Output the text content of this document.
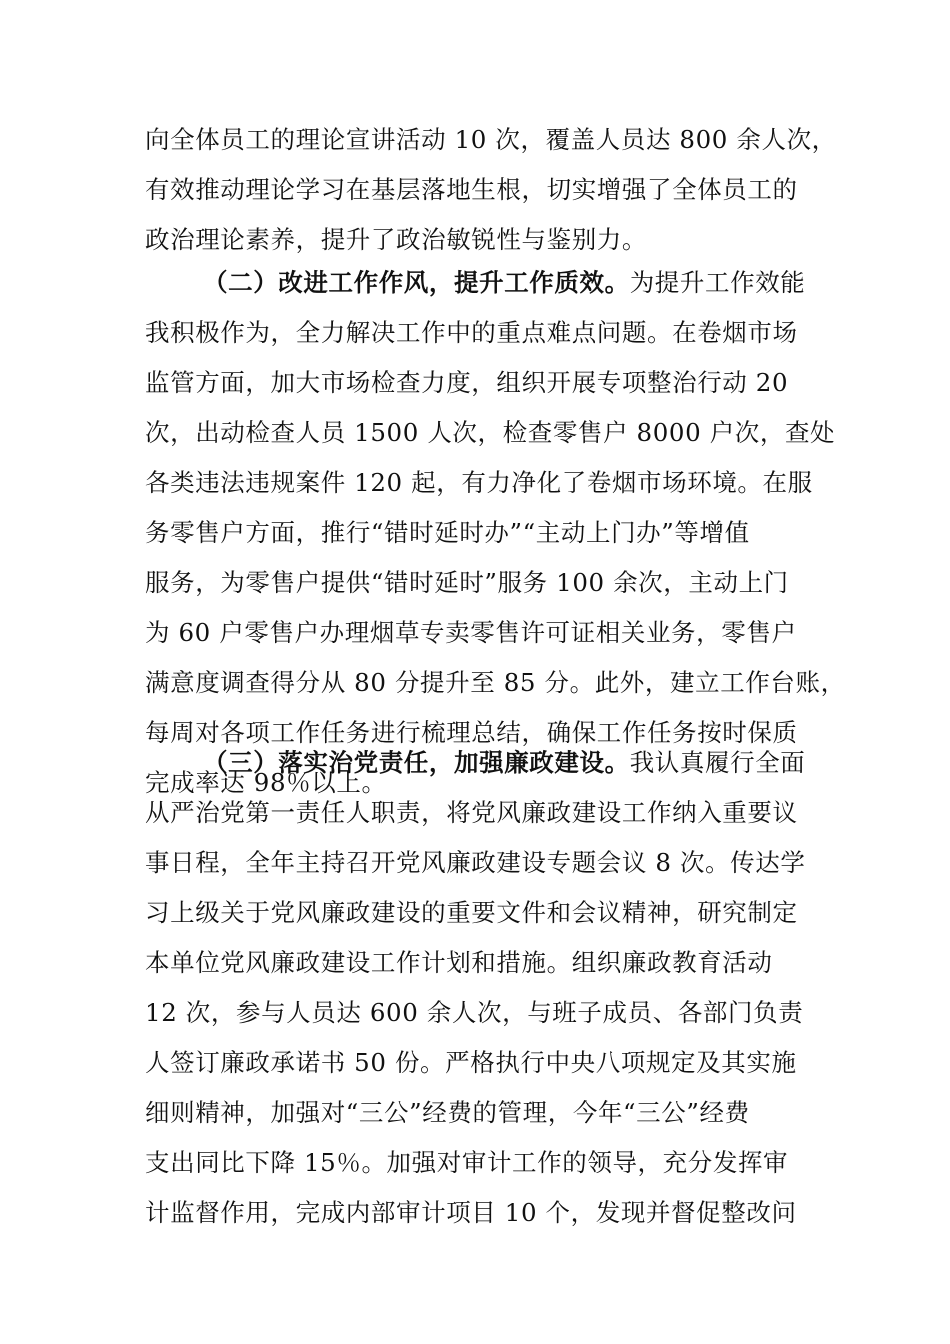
向全体员工的理论宣讲活动 10 次，覆盖人员达 800 余人次，
有效推动理论学习在基层落地生根，切实增强了全体员工的
政治理论素养，提升了政治敏锐性与鉴别力。
（二）改进工作作风，提升工作质效。为提升工作效能
我积极作为，全力解决工作中的重点难点问题。在卷烟市场
监管方面，加大市场检查力度，组织开展专项整治行动 20
次，出动检查人员 1500 人次，检查零售户 8000 户次，查处
各类违法违规案件 120 起，有力净化了卷烟市场环境。在服
务零售户方面，推行“错时延时办”“主动上门办”等增值
服务，为零售户提供“错时延时”服务 100 余次，主动上门
为 60 户零售户办理烟草专卖零售许可证相关业务，零售户
满意度调查得分从 80 分提升至 85 分。此外，建立工作台账，
每周对各项工作任务进行梳理总结，确保工作任务按时保质
完成率达 98％以上。
（三）落实治党责任，加强廉政建设。我认真履行全面
从严治党第一责任人职责，将党风廉政建设工作纳入重要议
事日程，全年主持召开党风廉政建设专题会议 8 次。传达学
习上级关于党风廉政建设的重要文件和会议精神，研究制定
本单位党风廉政建设工作计划和措施。组织廉政教育活动
12 次，参与人员达 600 余人次，与班子成员、各部门负责
人签订廉政承诺书 50 份。严格执行中央八项规定及其实施
细则精神，加强对“三公”经费的管理，今年“三公”经费
支出同比下降 15％。加强对审计工作的领导，充分发挥审
计监督作用，完成内部审计项目 10 个，发现并督促整改问
